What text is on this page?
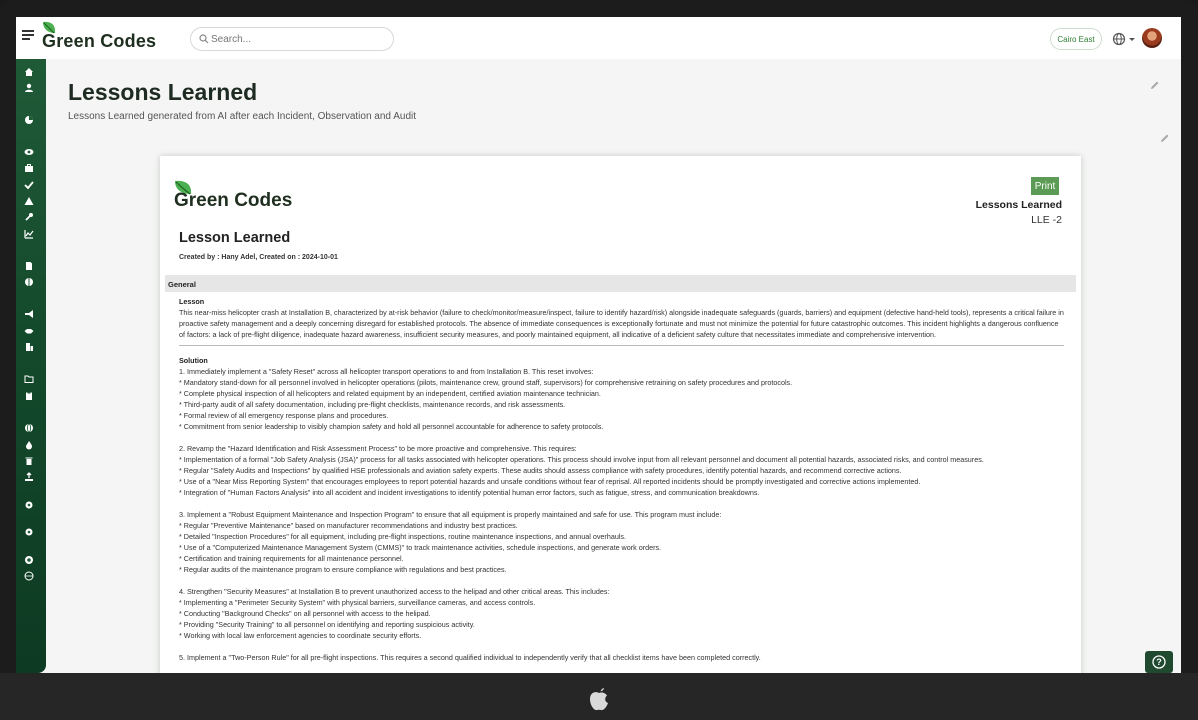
Green Codes
Search...	Cairo East
Lessons Learned
Lessons Learned generated from AI after each Incident, Observation and Audit
Green Codes
Print
Lessons Learned
LLE -2
Lesson Learned
Created by : Hany Adel, Created on : 2024-10-01
General

Lesson

This near-miss helicopter crash at Installation B, characterized by at-risk behavior (failure to check/monitor/measure/inspect, failure to identify hazard/risk) alongside inadequate safeguards (guards, barriers) and equipment (defective hand-held tools), represents a critical failure in proactive safety management and a deeply concerning disregard for established protocols. The absence of immediate consequences is exceptionally fortunate and must not minimize the potential for future catastrophic outcomes. This incident highlights a dangerous confluence of factors: a lack of pre-flight diligence, inadequate hazard awareness, insufficient security measures, and poorly maintained equipment, all indicative of a deficient safety culture that necessitates immediate and comprehensive intervention.

Solution

1. Immediately implement a "Safety Reset" across all helicopter transport operations to and from Installation B. This reset involves:

* Mandatory stand-down for all personnel involved in helicopter operations (pilots, maintenance crew, ground staff, supervisors) for comprehensive retraining on safety procedures and protocols.

* Complete physical inspection of all helicopters and related equipment by an independent, certified aviation maintenance technician.

* Third-party audit of all safety documentation, including pre-flight checklists, maintenance records, and risk assessments.

* Formal review of all emergency response plans and procedures.

* Commitment from senior leadership to visibly champion safety and hold all personnel accountable for adherence to safety protocols.

2. Revamp the "Hazard Identification and Risk Assessment Process" to be more proactive and comprehensive. This requires:

* Implementation of a formal "Job Safety Analysis (JSA)" process for all tasks associated with helicopter operations. This process should involve input from all relevant personnel and document all potential hazards, associated risks, and control measures.

* Regular "Safety Audits and Inspections" by qualified HSE professionals and aviation safety experts. These audits should assess compliance with safety procedures, identify potential hazards, and recommend corrective actions.

* Use of a "Near Miss Reporting System" that encourages employees to report potential hazards and unsafe conditions without fear of reprisal. All reported incidents should be promptly investigated and corrective actions implemented.

* Integration of "Human Factors Analysis" into all accident and incident investigations to identify potential human error factors, such as fatigue, stress, and communication breakdowns.

3. Implement a "Robust Equipment Maintenance and Inspection Program" to ensure that all equipment is properly maintained and safe for use. This program must include:

* Regular "Preventive Maintenance" based on manufacturer recommendations and industry best practices.

* Detailed "Inspection Procedures" for all equipment, including pre-flight inspections, routine maintenance inspections, and annual overhauls.

* Use of a "Computerized Maintenance Management System (CMMS)" to track maintenance activities, schedule inspections, and generate work orders.

* Certification and training requirements for all maintenance personnel.

* Regular audits of the maintenance program to ensure compliance with regulations and best practices.

4. Strengthen "Security Measures" at Installation B to prevent unauthorized access to the helipad and other critical areas. This includes:

* Implementing a "Perimeter Security System" with physical barriers, surveillance cameras, and access controls.

* Conducting "Background Checks" on all personnel with access to the helipad.

* Providing "Security Training" to all personnel on identifying and reporting suspicious activity.

* Working with local law enforcement agencies to coordinate security efforts.

5. Implement a "Two-Person Rule" for all pre-flight inspections. This requires a second qualified individual to independently verify that all checklist items have been completed correctly.	?
